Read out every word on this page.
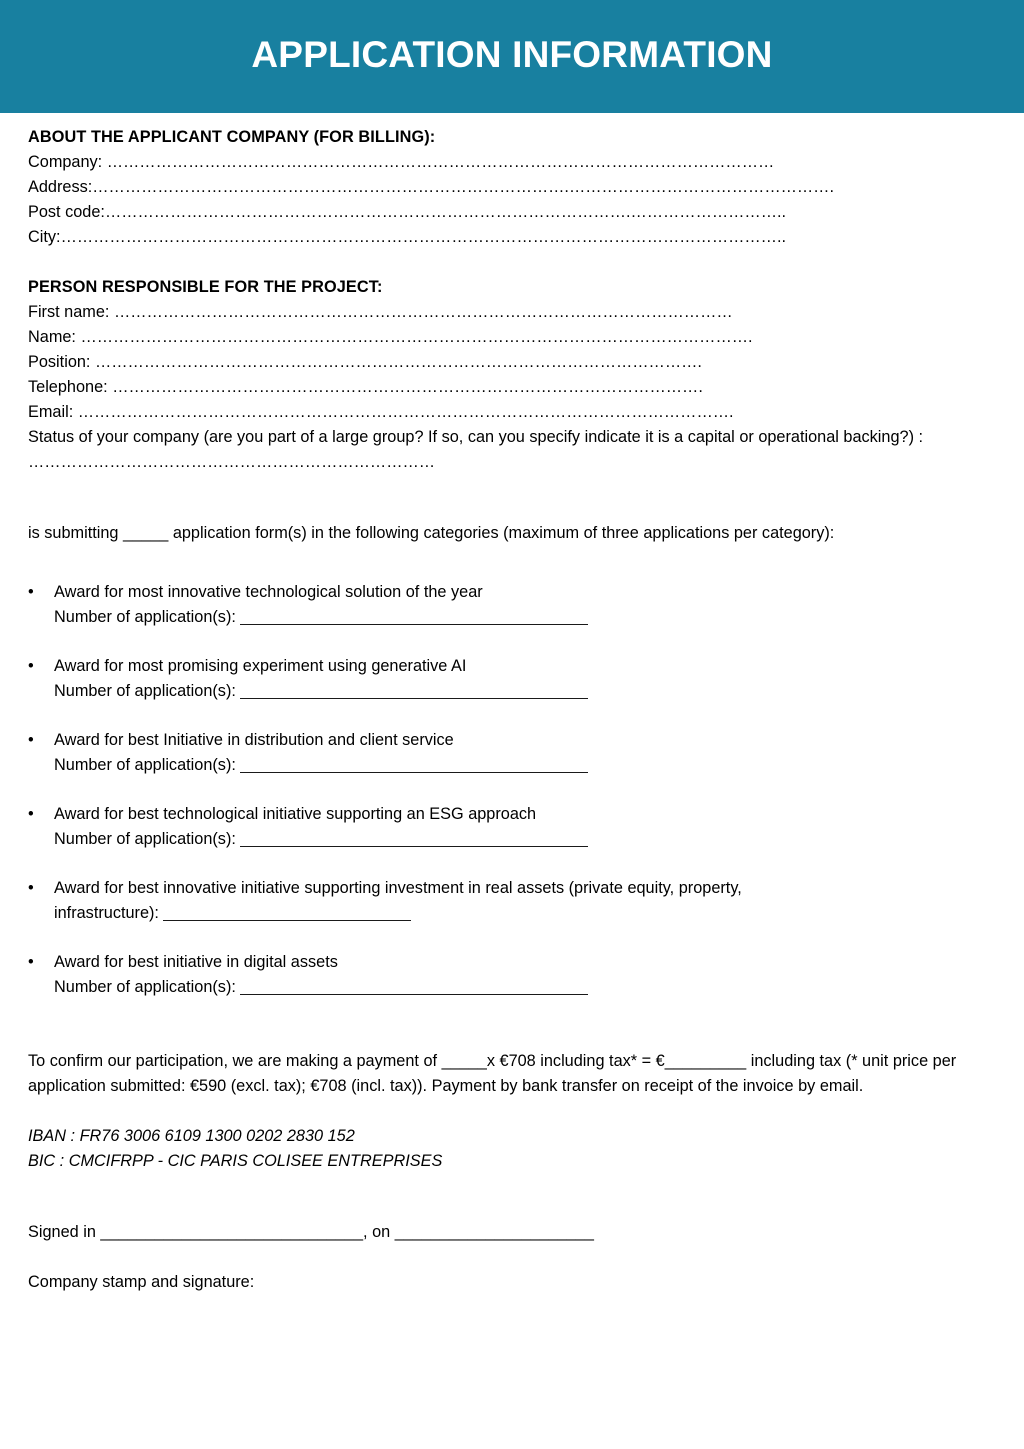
APPLICATION INFORMATION
ABOUT THE APPLICANT COMPANY (FOR BILLING):
Company: ……………………………………………………………………………………………………………
Address:…………………………………………………………………………….………………………………………….
Post code:…………………………………………………………………………………….………………………..
City:……………………………………………………………………………………………………………………..
PERSON RESPONSIBLE FOR THE PROJECT:
First name: ……………………………………………………………………………………………………
Name: …………………………………………………………………………………………………………….
Position: ………………………………………………………………………………………………….
Telephone: ……………………………………………………………………………………………….
Email: ………………………………………………………………………………………………………….
Status of your company (are you part of a large group? If so, can you specify indicate it is a capital or operational backing?) : …………………………………………………………………
is submitting _____ application form(s) in the following categories (maximum of three applications per category):
• Award for most innovative technological solution of the year
Number of application(s):
• Award for most promising experiment using generative AI
Number of application(s):
• Award for best Initiative in distribution and client service
Number of application(s):
• Award for best technological initiative supporting an ESG approach
Number of application(s):
• Award for best innovative initiative supporting investment in real assets (private equity, property,
infrastructure):
• Award for best initiative in digital assets
Number of application(s):
To confirm our participation, we are making a payment of _____x €708 including tax* = €_________ including tax (* unit price per application submitted: €590 (excl. tax); €708 (incl. tax)). Payment by bank transfer on receipt of the invoice by email.
IBAN : FR76 3006 6109 1300 0202 2830 152
BIC : CMCIFRPP - CIC PARIS COLISEE ENTREPRISES
Signed in _____________________________, on ______________________
Company stamp and signature:
